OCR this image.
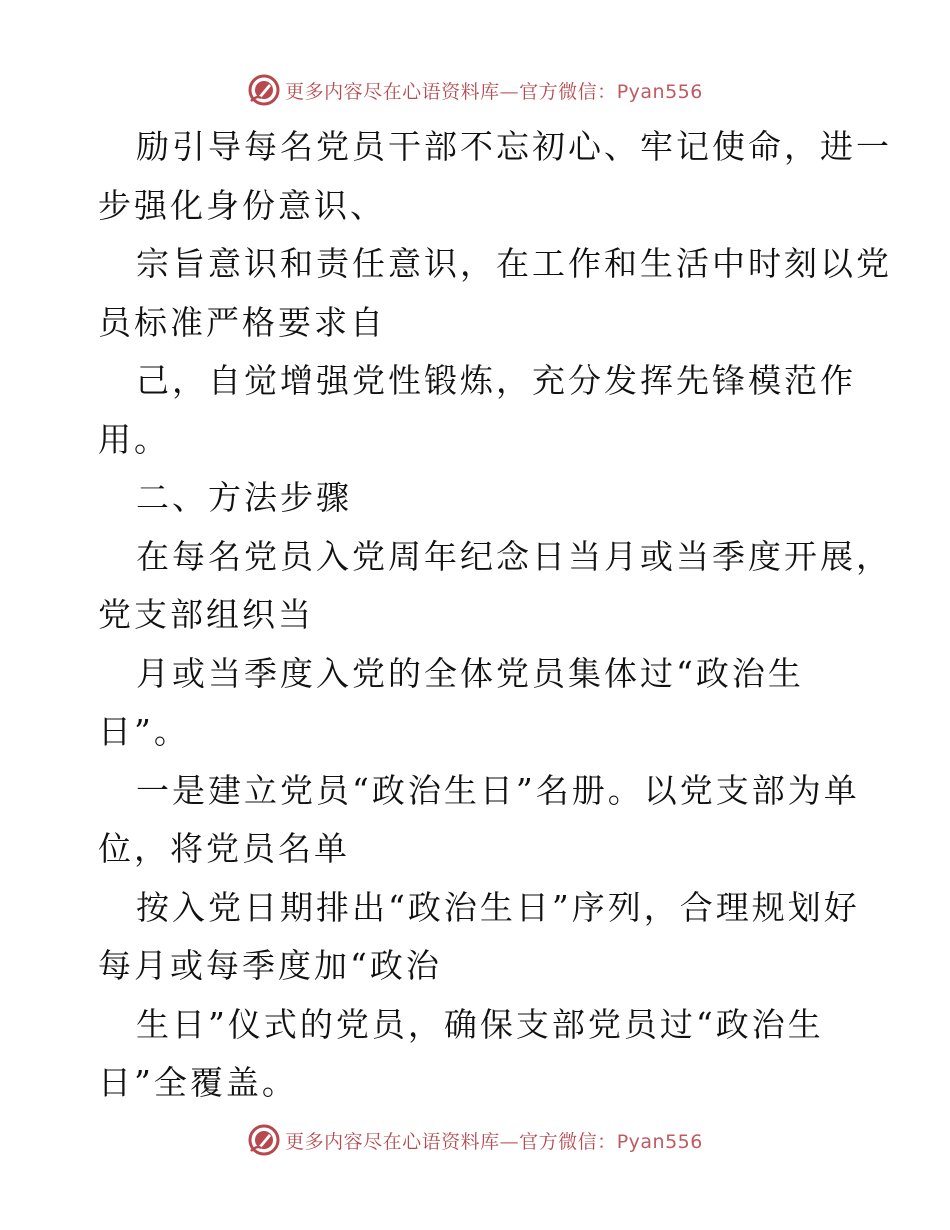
更多内容尽在心语资料库—官方微信：Pyan556
励引导每名党员干部不忘初心、牢记使命，进一
步强化身份意识、
宗旨意识和责任意识，在工作和生活中时刻以党
员标准严格要求自
己，自觉增强党性锻炼，充分发挥先锋模范作
用。
二、方法步骤
在每名党员入党周年纪念日当月或当季度开展，
党支部组织当
月或当季度入党的全体党员集体过“政治生
日”。
一是建立党员“政治生日”名册。以党支部为单
位，将党员名单
按入党日期排出“政治生日”序列，合理规划好
每月或每季度加“政治
生日”仪式的党员，确保支部党员过“政治生
日”全覆盖。
更多内容尽在心语资料库—官方微信：Pyan556
